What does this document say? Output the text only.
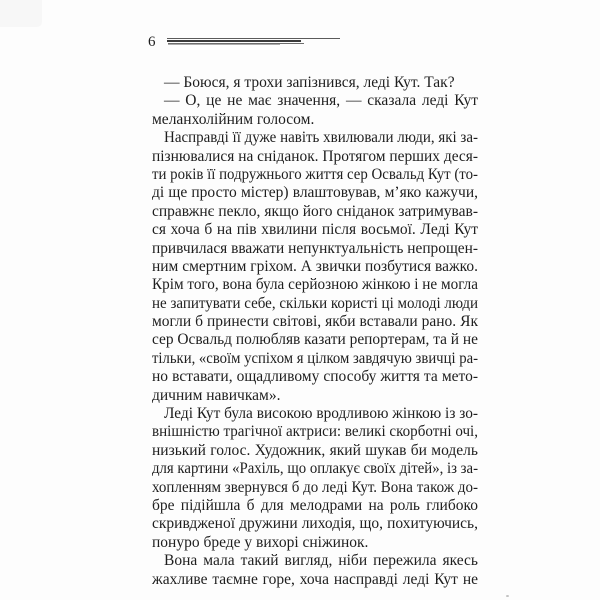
6
— Боюся, я трохи запізнився, леді Кут. Так?
— О, це не має значення, — сказала леді Кут
меланхолійним голосом.
Насправді її дуже навіть хвилювали люди, які за-
пізнювалися на сніданок. Протягом перших деся-
ти років її подружнього життя сер Освальд Кут (то-
ді ще просто містер) влаштовував, м’яко кажучи,
справжнє пекло, якщо його сніданок затримував-
ся хоча б на пів хвилини після восьмої. Леді Кут
привчилася вважати непунктуальність непрощен-
ним смертним гріхом. А звички позбутися важко.
Крім того, вона була серйозною жінкою і не могла
не запитувати себе, скільки користі ці молоді люди
могли б принести світові, якби вставали рано. Як
сер Освальд полюбляв казати репортерам, та й не
тільки, «своїм успіхом я цілком завдячую звичці ра-
но вставати, ощадливому способу життя та мето-
дичним навичкам».
Леді Кут була високою вродливою жінкою із зо-
внішністю трагічної актриси: великі скорботні очі,
низький голос. Художник, який шукав би модель
для картини «Рахіль, що оплакує своїх дітей», із за-
хопленням звернувся б до леді Кут. Вона також до-
бре підійшла б для мелодрами на роль глибоко
скривдженої дружини лиходія, що, похитуючись,
понуро бреде у вихорі сніжинок.
Вона мала такий вигляд, ніби пережила якесь
жахливе таємне горе, хоча насправді леді Кут не
